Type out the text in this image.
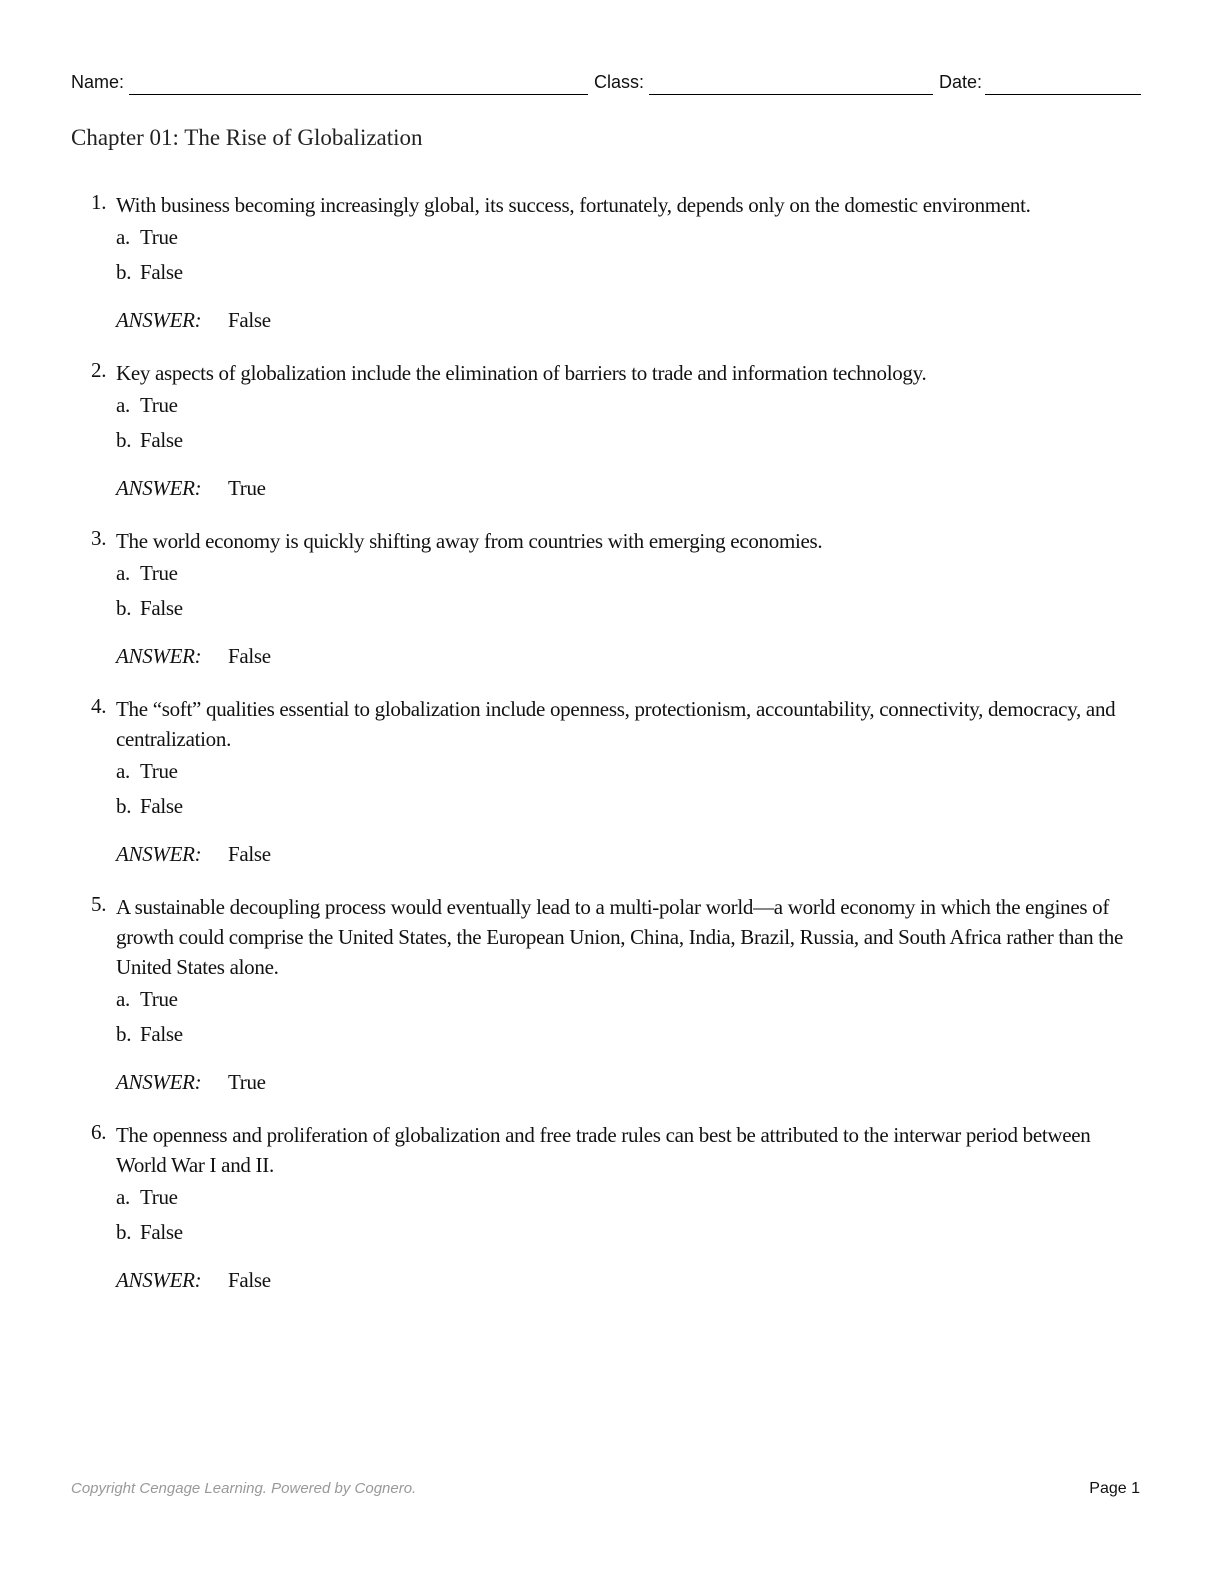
Name:	Class:	Date:
Chapter 01: The Rise of Globalization
1. With business becoming increasingly global, its success, fortunately, depends only on the domestic environment.
a. True
b. False
ANSWER: False
2. Key aspects of globalization include the elimination of barriers to trade and information technology.
a. True
b. False
ANSWER: True
3. The world economy is quickly shifting away from countries with emerging economies.
a. True
b. False
ANSWER: False
4. The “soft” qualities essential to globalization include openness, protectionism, accountability, connectivity, democracy, and centralization.
a. True
b. False
ANSWER: False
5. A sustainable decoupling process would eventually lead to a multi-polar world—a world economy in which the engines of growth could comprise the United States, the European Union, China, India, Brazil, Russia, and South Africa rather than the United States alone.
a. True
b. False
ANSWER: True
6. The openness and proliferation of globalization and free trade rules can best be attributed to the interwar period between World War I and II.
a. True
b. False
ANSWER: False
Copyright Cengage Learning. Powered by Cognero.	Page 1
